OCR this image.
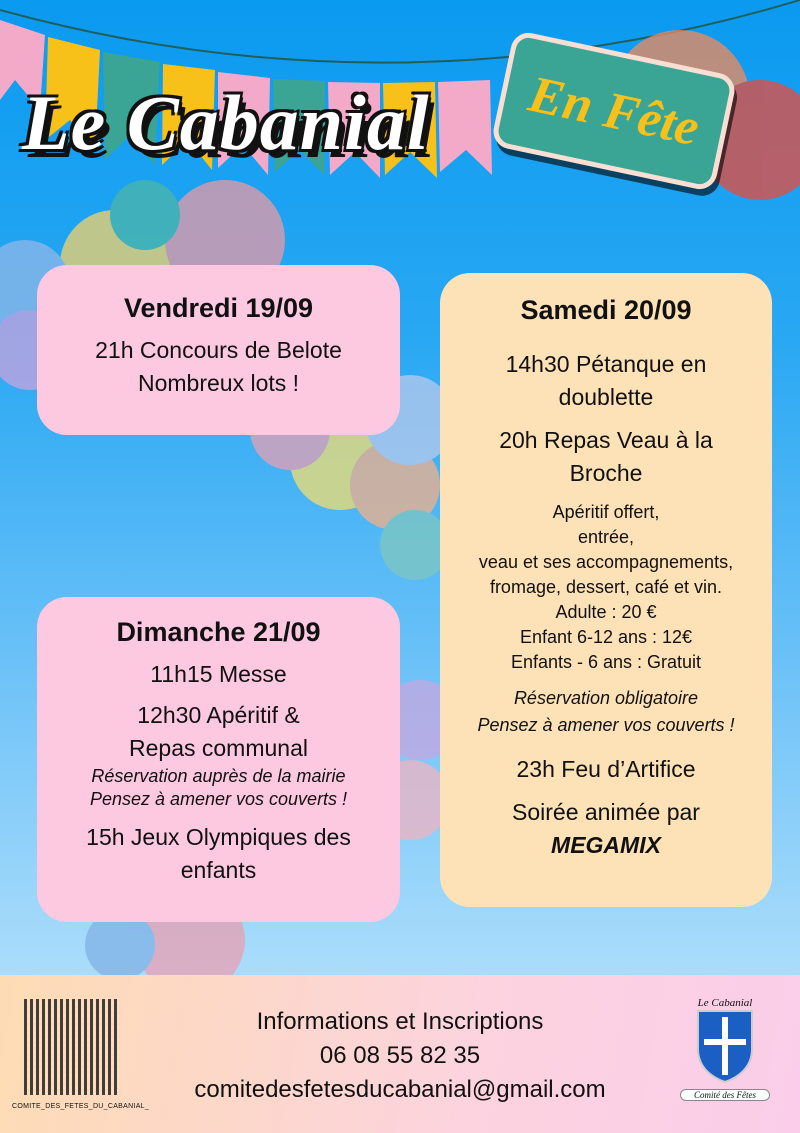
Le Cabanial En Fête
Vendredi 19/09
21h Concours de Belote
Nombreux lots !
Samedi 20/09
14h30 Pétanque en doublette
20h Repas Veau à la Broche
Apéritif offert,
entrée,
veau et ses accompagnements,
fromage, dessert, café et vin.
Adulte : 20 €
Enfant 6-12 ans : 12€
Enfants - 6 ans : Gratuit
Réservation obligatoire
Pensez à amener vos couverts !
23h Feu d’Artifice
Soirée animée par
MEGAMIX
Dimanche 21/09
11h15 Messe
12h30 Apéritif & Repas communal
Réservation auprès de la mairie
Pensez à amener vos couverts !
15h Jeux Olympiques des enfants
COMITE_DES_FETES_DU_CABANIAL_
Informations et Inscriptions
06 08 55 82 35
comitedesfetesducabanial@gmail.com
Le Cabanial
Comité des Fêtes
